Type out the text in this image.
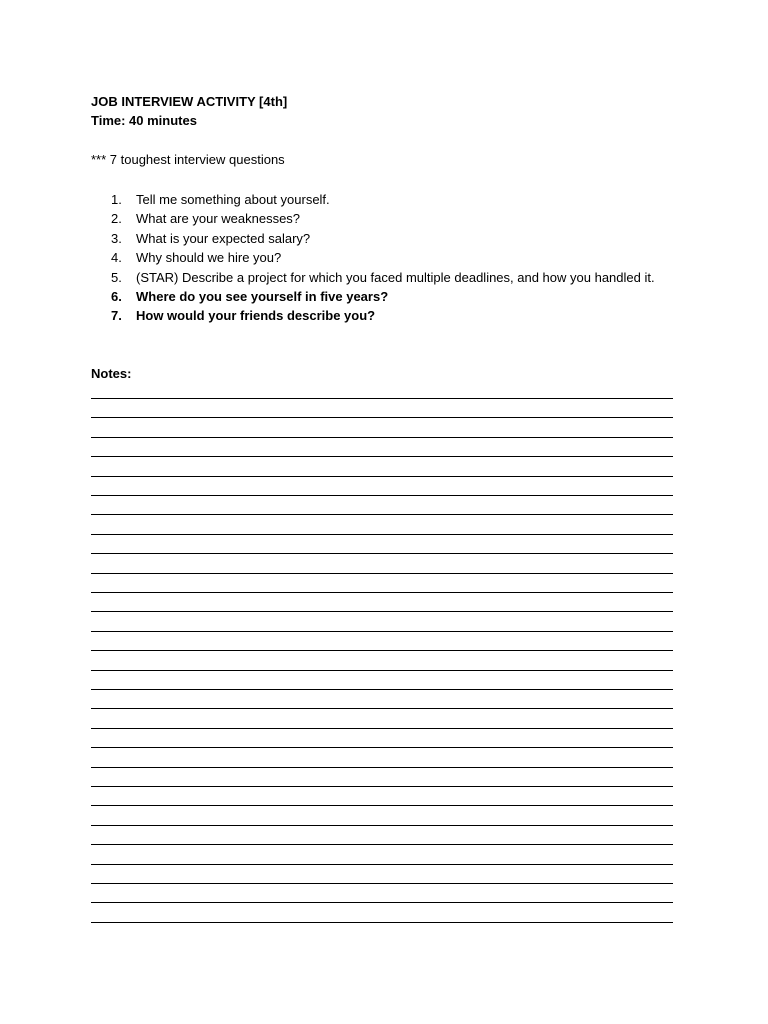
JOB INTERVIEW ACTIVITY [4th]
Time: 40 minutes
*** 7 toughest interview questions
1. Tell me something about yourself.
2. What are your weaknesses?
3. What is your expected salary?
4. Why should we hire you?
5. (STAR) Describe a project for which you faced multiple deadlines, and how you handled it.
6. Where do you see yourself in five years?
7. How would your friends describe you?
Notes:
